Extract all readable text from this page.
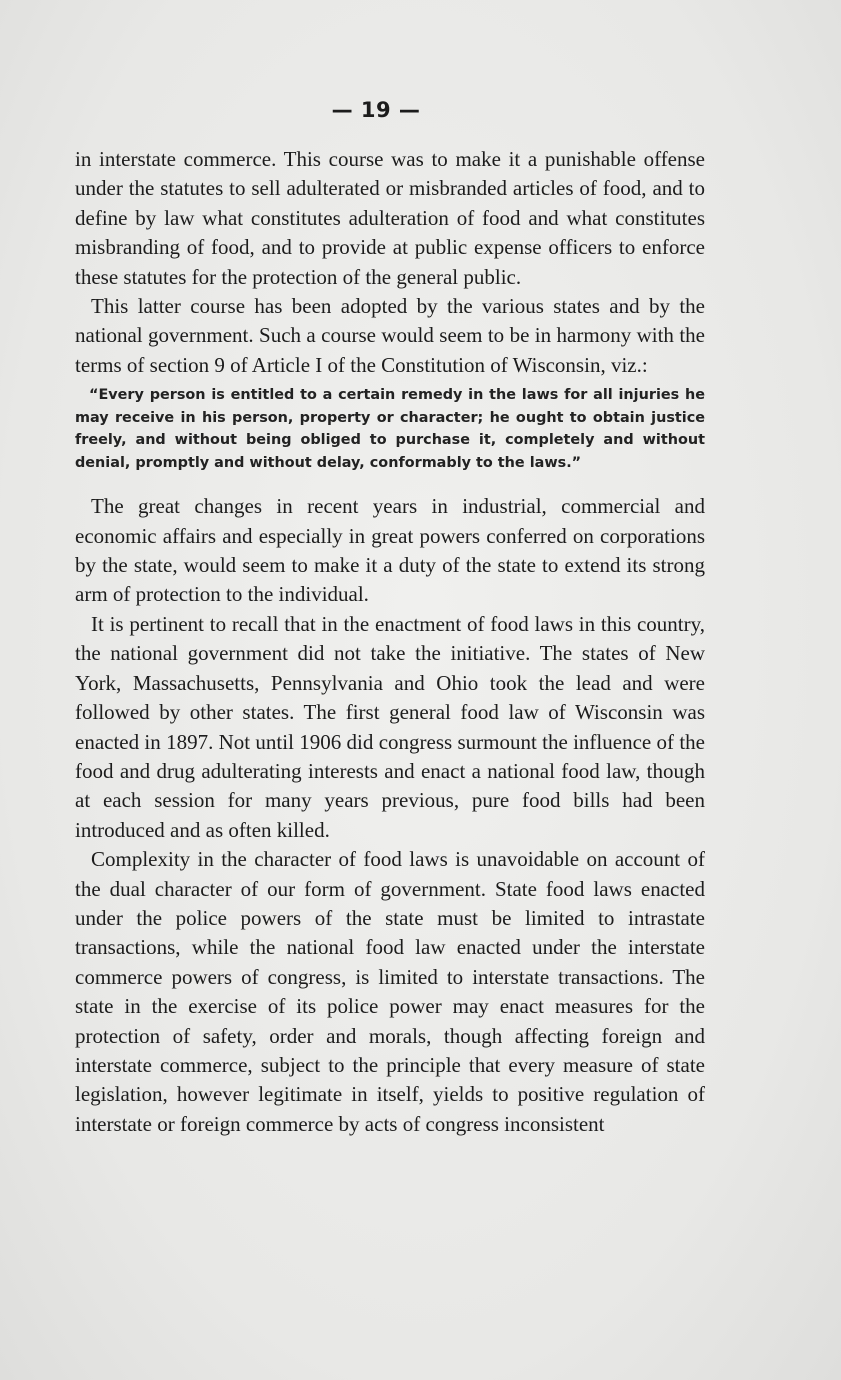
— 19 —

in interstate commerce. This course was to make it a punishable offense under the statutes to sell adulterated or misbranded articles of food, and to define by law what constitutes adulteration of food and what constitutes misbranding of food, and to provide at public expense officers to enforce these statutes for the protection of the general public.

This latter course has been adopted by the various states and by the national government. Such a course would seem to be in harmony with the terms of section 9 of Article I of the Constitution of Wisconsin, viz.:

“Every person is entitled to a certain remedy in the laws for all injuries he may receive in his person, property or character; he ought to obtain justice freely, and without being obliged to purchase it, completely and without denial, promptly and without delay, conformably to the laws.”

The great changes in recent years in industrial, commercial and economic affairs and especially in great powers conferred on corporations by the state, would seem to make it a duty of the state to extend its strong arm of protection to the individual.

It is pertinent to recall that in the enactment of food laws in this country, the national government did not take the initiative. The states of New York, Massachusetts, Pennsylvania and Ohio took the lead and were followed by other states. The first general food law of Wisconsin was enacted in 1897. Not until 1906 did congress surmount the influence of the food and drug adulterating interests and enact a national food law, though at each session for many years previous, pure food bills had been introduced and as often killed.

Complexity in the character of food laws is unavoidable on account of the dual character of our form of government. State food laws enacted under the police powers of the state must be limited to intrastate transactions, while the national food law enacted under the interstate commerce powers of congress, is limited to interstate transactions. The state in the exercise of its police power may enact measures for the protection of safety, order and morals, though affecting foreign and interstate commerce, subject to the principle that every measure of state legislation, however legitimate in itself, yields to positive regulation of interstate or foreign commerce by acts of congress inconsistent
